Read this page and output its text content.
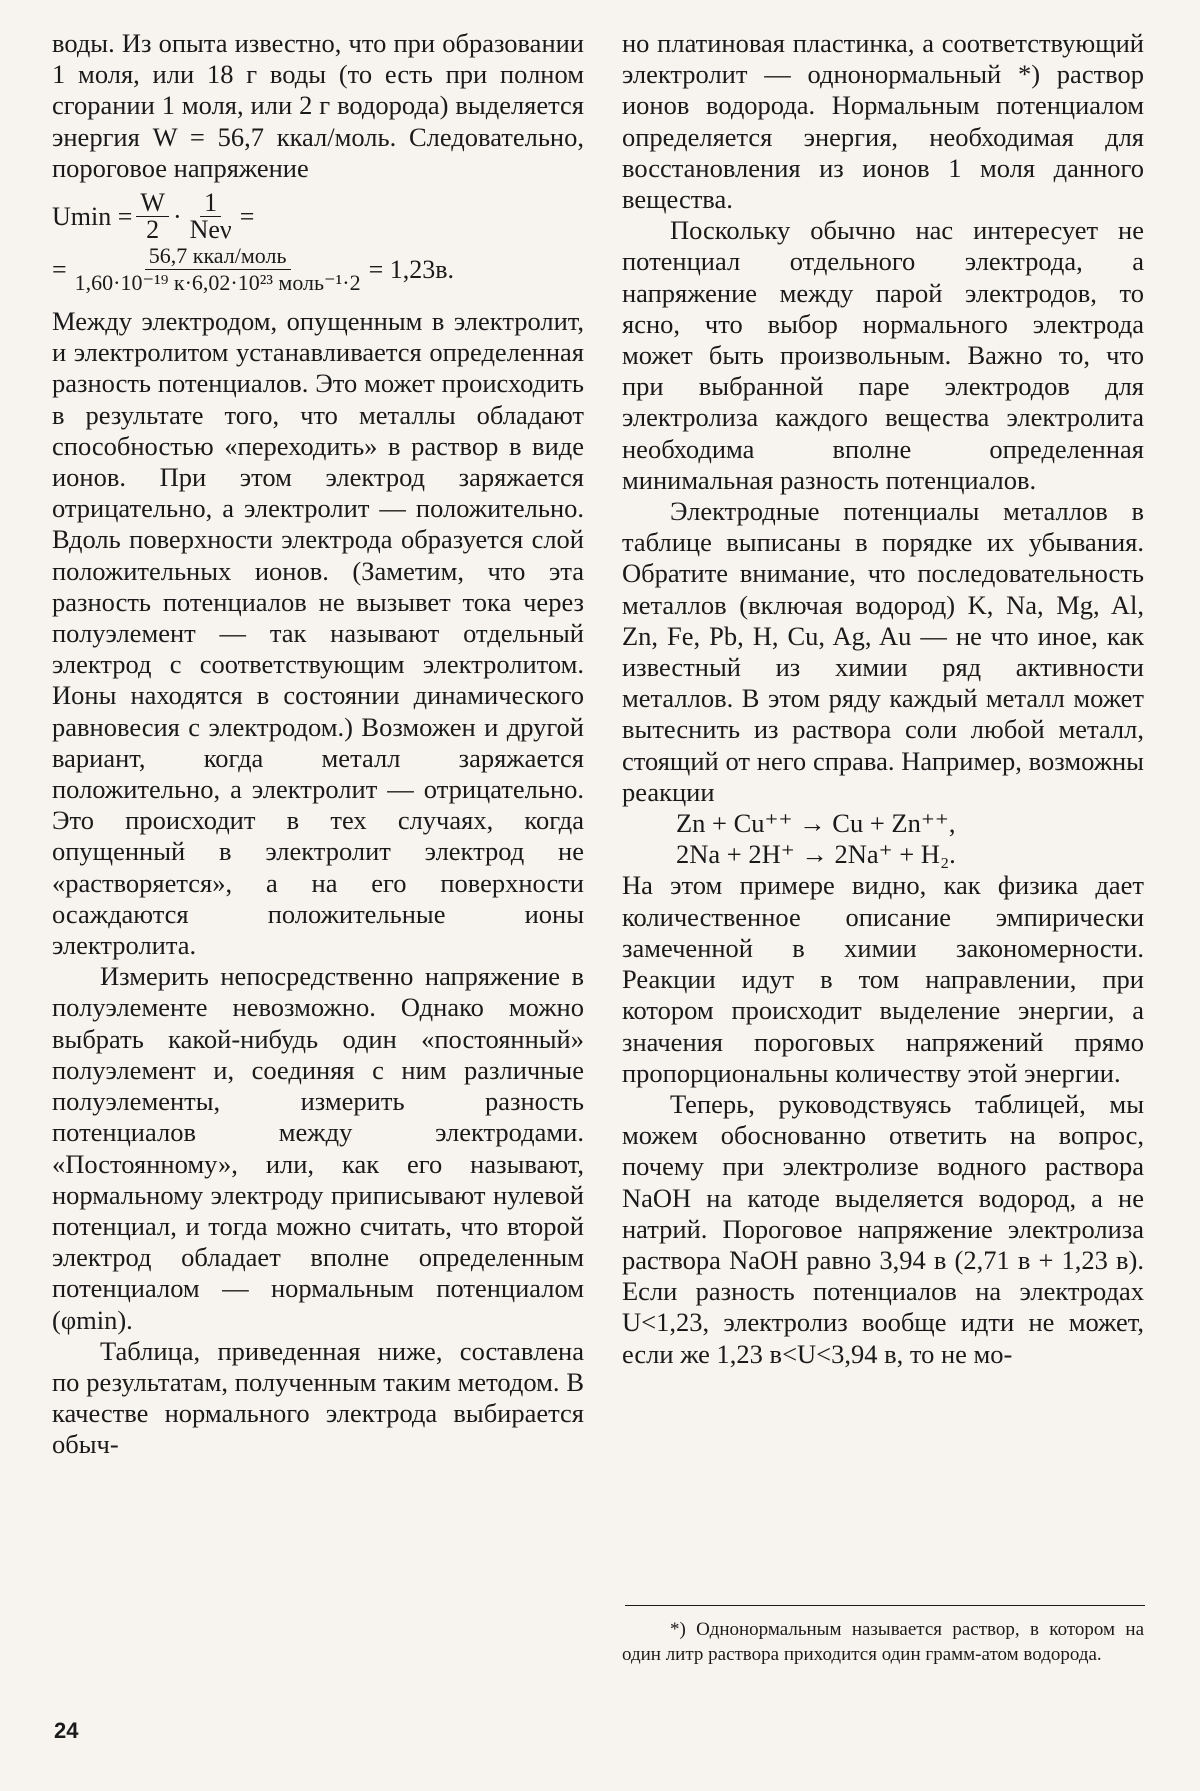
воды. Из опыта известно, что при образовании 1 моля, или 18 г воды (то есть при полном сгорании 1 моля, или 2 г водорода) выделяется энергия W = 56,7 ккал/моль. Следовательно, пороговое напряжение

$Umin = \frac{W}{2} \cdot \frac{1}{\text{Neν}}$ =
= $\frac{\text{56,7 ккал/моль}}{\text{1,60·10⁻¹⁹ к·6,02·10²³ моль⁻¹·2}} = 1,23в$.

Между электродом, опущенным в электролит, и электролитом устанавливается определенная разность потенциалов. Это может происходить в результате того, что металлы обладают способностью «переходить» в раствор в виде ионов. При этом электрод заряжается отрицательно, а электролит — положительно. Вдоль поверхности электрода образуется слой положительных ионов. (Заметим, что эта разность потенциалов не вызывет тока через полуэлемент — так называют отдельный электрод с соответствующим электролитом. Ионы находятся в состоянии динамического равновесия с электродом.) Возможен и другой вариант, когда металл заряжается положительно, а электролит — отрицательно. Это происходит в тех случаях, когда опущенный в электролит электрод не «растворяется», а на его поверхности осаждаются положительные ионы электролита.

Измерить непосредственно напряжение в полуэлементе невозможно. Однако можно выбрать какой-нибудь один «постоянный» полуэлемент и, соединяя с ним различные полуэлементы, измерить разность потенциалов между электродами. «Постоянному», или, как его называют, нормальному электроду приписывают нулевой потенциал, и тогда можно считать, что второй электрод обладает вполне определенным потенциалом — нормальным потенциалом (φmin).

Таблица, приведенная ниже, составлена по результатам, полученным таким методом. В качестве нормального электрода выбирается обыч-

но платиновая пластинка, а соответствующий электролит — однонормальный *) раствор ионов водорода. Нормальным потенциалом определяется энергия, необходимая для восстановления из ионов 1 моля данного вещества.

Поскольку обычно нас интересует не потенциал отдельного электрода, а напряжение между парой электродов, то ясно, что выбор нормального электрода может быть произвольным. Важно то, что при выбранной паре электродов для электролиза каждого вещества электролита необходима вполне определенная минимальная разность потенциалов.

Электродные потенциалы металлов в таблице выписаны в порядке их убывания. Обратите внимание, что последовательность металлов (включая водород) K, Na, Mg, Al, Zn, Fe, Pb, H, Cu, Ag, Au — не что иное, как известный из химии ряд активности металлов. В этом ряду каждый металл может вытеснить из раствора соли любой металл, стоящий от него справа. Например, возможны реакции

Zn + Cu⁺⁺ → Cu + Zn⁺⁺,

2Na + 2H⁺ → 2Na⁺ + H₂.

На этом примере видно, как физика дает количественное описание эмпирически замеченной в химии закономерности. Реакции идут в том направлении, при котором происходит выделение энергии, а значения пороговых напряжений прямо пропорциональны количеству этой энергии.

Теперь, руководствуясь таблицей, мы можем обоснованно ответить на вопрос, почему при электролизе водного раствора NaOH на катоде выделяется водород, а не натрий. Пороговое напряжение электролиза раствора NaOH равно 3,94 в (2,71 в + 1,23 в). Если разность потенциалов на электродах U<1,23, электролиз вообще идти не может, если же 1,23 в<U<3,94 в, то не мо-

*) Однонормальным называется раствор, в котором на один литр раствора приходится один грамм-атом водорода.
24
